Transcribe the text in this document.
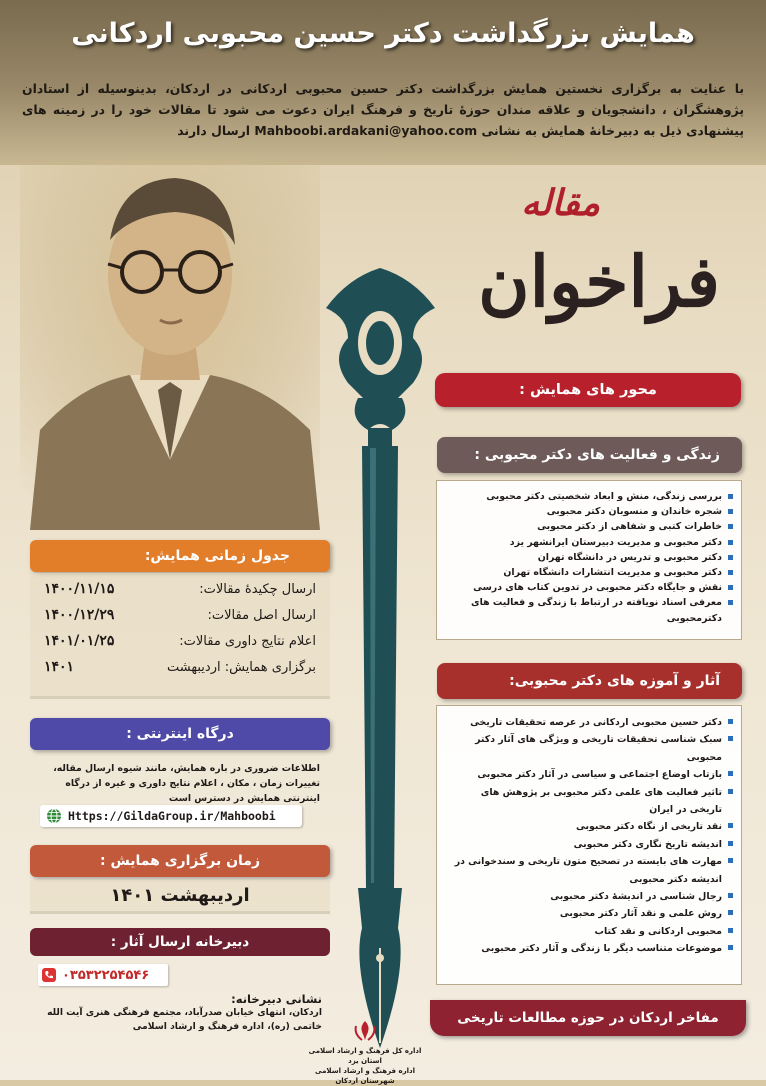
همایش بزرگداشت دکتر حسین محبوبی اردکانی
با عنایت به برگزاری نخستین همایش بزرگداشت دکتر حسین محبوبی اردکانی در اردکان، بدینوسیله از استادان پژوهشگران ، دانشجویان و علاقه مندان حوزهٔ تاریخ و فرهنگ ایران دعوت می شود تا مقالات خود را در زمینه های پیشنهادی ذیل به دبیرخانهٔ همایش به نشانی Mahboobi.ardakani@yahoo.com ارسال دارند
مقاله
فراخوان
محور های همایش :
زندگی و فعالیت های دکتر محبوبی :
بررسی زندگی، منش و ابعاد شخصیتی دکتر محبوبی
شجره خاندان و منسوبان دکتر محبوبی
خاطرات کتبی و شفاهی از دکتر محبوبی
دکتر محبوبی و مدیریت دبیرستان ایرانشهر یزد
دکتر محبوبی و تدریس در دانشگاه تهران
دکتر محبوبی و مدیریت انتشارات دانشگاه تهران
نقش و جایگاه دکتر محبوبی در تدوین کتاب های درسی
معرفی اسناد نویافته در ارتباط با زندگی و فعالیت های دکترمحبوبی
آثار و آموزه های دکتر محبوبی:
دکتر حسین محبوبی اردکانی در عرصه تحقیقات تاریخی
سبک شناسی تحقیقات تاریخی و ویژگی های آثار دکتر محبوبی
بازتاب اوضاع اجتماعی و سیاسی در آثار دکتر محبوبی
تاثیر فعالیت های علمی دکتر محبوبی بر پژوهش های تاریخی در ایران
نقد تاریخی از نگاه دکتر محبوبی
اندیشه تاریخ نگاری دکتر محبوبی
مهارت های بایسته در تصحیح متون تاریخی و سندخوانی در اندیشه دکتر محبوبی
رجال شناسی در اندیشهٔ دکتر محبوبی
روش علمی و نقد آثار دکتر محبوبی
محبوبی اردکانی و نقد کتاب
موضوعات متناسب دیگر با زندگی و آثار دکتر محبوبی
مفاخر اردکان در حوزه مطالعات تاریخی
جدول زمانی همایش:
ارسال چکیدهٔ مقالات:
۱۴۰۰/۱۱/۱۵
ارسال اصل مقالات:
۱۴۰۰/۱۲/۲۹
اعلام نتایج داوری مقالات:
۱۴۰۱/۰۱/۲۵
برگزاری همایش: اردیبهشت
۱۴۰۱
درگاه اینترنتی :
اطلاعات ضروری در باره همایش، مانند شیوه ارسال مقاله، تغییرات زمان ، مکان ، اعلام نتایج داوری و غیره از درگاه اینترنتی همایش در دسترس است
Https://GildaGroup.ir/Mahboobi
زمان برگزاری همایش :
اردیبهشت ۱۴۰۱
دبیرخانه ارسال آثار :
۰۳۵۳۲۲۵۴۵۴۶
نشانی دبیرخانه:
اردکان، انتهای خیابان صدرآباد، مجتمع فرهنگی هنری آیت الله خاتمی (ره)، اداره فرهنگ و ارشاد اسلامی
اداره کل فرهنگ و ارشاد اسلامی استان یزد
اداره فرهنگ و ارشاد اسلامی شهرستان اردکان
